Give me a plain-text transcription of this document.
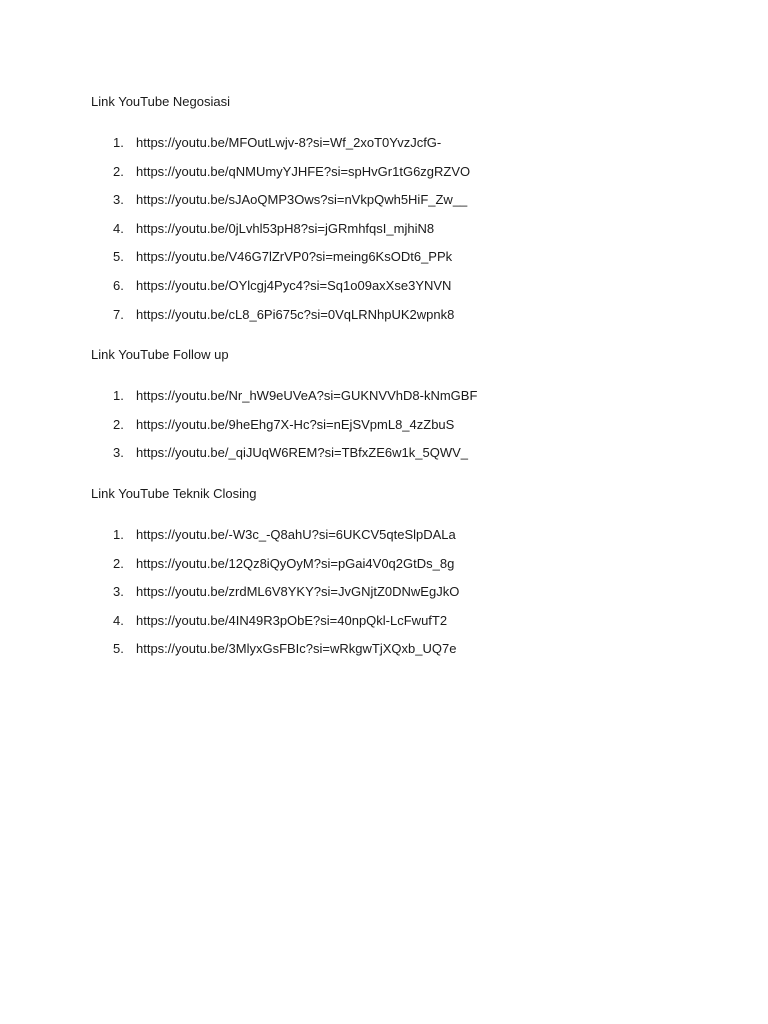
Link YouTube Negosiasi

1. https://youtu.be/MFOutLwjv-8?si=Wf_2xoT0YvzJcfG-
2. https://youtu.be/qNMUmyYJHFE?si=spHvGr1tG6zgRZVO
3. https://youtu.be/sJAoQMP3Ows?si=nVkpQwh5HiF_Zw__
4. https://youtu.be/0jLvhl53pH8?si=jGRmhfqsI_mjhiN8
5. https://youtu.be/V46G7lZrVP0?si=meing6KsODt6_PPk
6. https://youtu.be/OYlcgj4Pyc4?si=Sq1o09axXse3YNVN
7. https://youtu.be/cL8_6Pi675c?si=0VqLRNhpUK2wpnk8

Link YouTube Follow up

1. https://youtu.be/Nr_hW9eUVeA?si=GUKNVVhD8-kNmGBF
2. https://youtu.be/9heEhg7X-Hc?si=nEjSVpmL8_4zZbuS
3. https://youtu.be/_qiJUqW6REM?si=TBfxZE6w1k_5QWV_

Link YouTube Teknik Closing

1. https://youtu.be/-W3c_-Q8ahU?si=6UKCV5qteSlpDALa
2. https://youtu.be/12Qz8iQyOyM?si=pGai4V0q2GtDs_8g
3. https://youtu.be/zrdML6V8YKY?si=JvGNjtZ0DNwEgJkO
4. https://youtu.be/4IN49R3pObE?si=40npQkl-LcFwufT2
5. https://youtu.be/3MlyxGsFBIc?si=wRkgwTjXQxb_UQ7e
